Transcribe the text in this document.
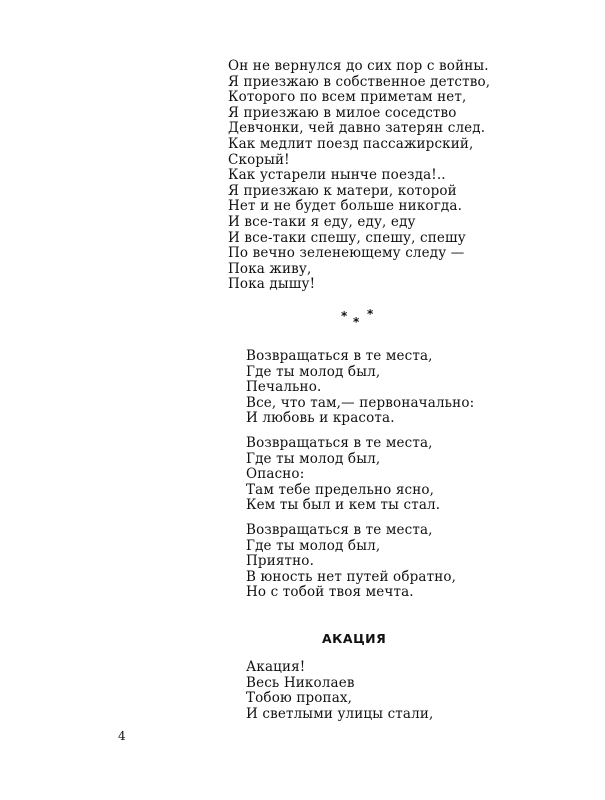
Он не вернулся до сих пор с войны.
Я приезжаю в собственное детство,
Которого по всем приметам нет,
Я приезжаю в милое соседство
Девчонки, чей давно затерян след.
Как медлит поезд пассажирский,
Скорый!
Как устарели нынче поезда!..
Я приезжаю к матери, которой
Нет и не будет больше никогда.
И все-таки я еду, еду, еду
И все-таки спешу, спешу, спешу
По вечно зеленеющему следу —
Пока живу,
Пока дышу!
* *
*
Возвращаться в те места,
Где ты молод был,
Печально.
Все, что там,— первоначально:
И любовь и красота.
Возвращаться в те места,
Где ты молод был,
Опасно:
Там тебе предельно ясно,
Кем ты был и кем ты стал.
Возвращаться в те места,
Где ты молод был,
Приятно.
В юность нет путей обратно,
Но с тобой твоя мечта.
АКАЦИЯ
Акация!
Весь Николаев
Тобою пропах,
И светлыми улицы стали,
4
